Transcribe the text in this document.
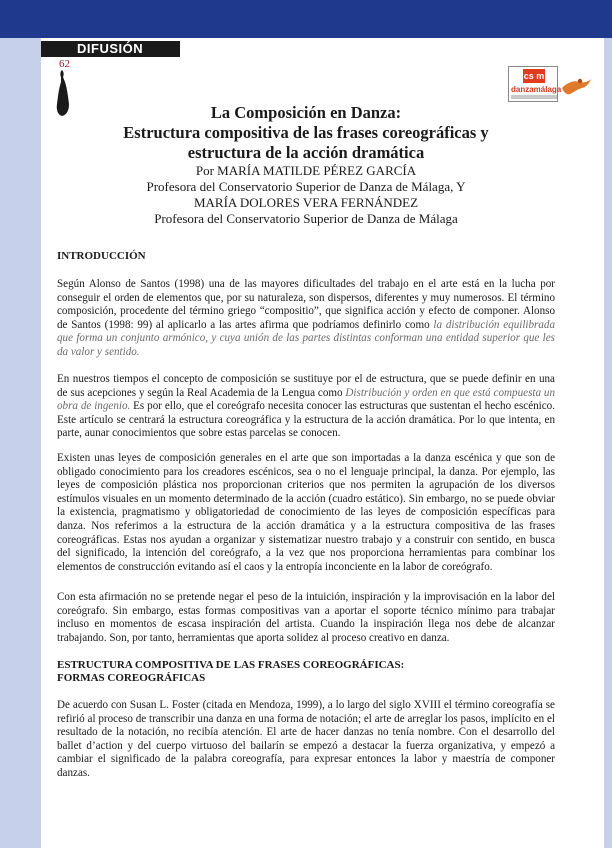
DIFUSIÓN
62
cs m
danzamálaga
La Composición en Danza:
Estructura compositiva de las frases coreográficas y
estructura de la acción dramática
Por MARÍA MATILDE PÉREZ GARCÍA
Profesora del Conservatorio Superior de Danza de Málaga, Y
MARÍA DOLORES VERA FERNÁNDEZ
Profesora del Conservatorio Superior de Danza de Málaga
INTRODUCCIÓN
Según Alonso de Santos (1998) una de las mayores dificultades del trabajo en el arte está en la lucha por conseguir el orden de elementos que, por su naturaleza, son dispersos, diferentes y muy numerosos. El término composición, procedente del término griego “compositio”, que significa acción y efecto de componer. Alonso de Santos (1998: 99) al aplicarlo a las artes afirma que podríamos definirlo como la distribución equilibrada que forma un conjunto armónico, y cuya unión de las partes distintas conforman una entidad superior que les da valor y sentido.
En nuestros tiempos el concepto de composición se sustituye por el de estructura, que se puede definir en una de sus acepciones y según la Real Academia de la Lengua como Distribución y orden en que está compuesta un obra de ingenio. Es por ello, que el coreógrafo necesita conocer las estructuras que sustentan el hecho escénico. Este artículo se centrará la estructura coreográfica y la estructura de la acción dramática. Por lo que intenta, en parte, aunar conocimientos que sobre estas parcelas se conocen.
Existen unas leyes de composición generales en el arte que son importadas a la danza escénica y que son de obligado conocimiento para los creadores escénicos, sea o no el lenguaje principal, la danza. Por ejemplo, las leyes de composición plástica nos proporcionan criterios que nos permiten la agrupación de los diversos estímulos visuales en un momento determinado de la acción (cuadro estático). Sin embargo, no se puede obviar la existencia, pragmatismo y obligatoriedad de conocimiento de las leyes de composición específicas para danza. Nos referimos a la estructura de la acción dramática y a la estructura compositiva de las frases coreográficas. Estas nos ayudan a organizar y sistematizar nuestro trabajo y a construir con sentido, en busca del significado, la intención del coreógrafo, a la vez que nos proporciona herramientas para combinar los elementos de construcción evitando así el caos y la entropía inconciente en la labor de coreógrafo.
Con esta afirmación no se pretende negar el peso de la intuición, inspiración y la improvisación en la labor del coreógrafo. Sin embargo, estas formas compositivas van a aportar el soporte técnico mínimo para trabajar incluso en momentos de escasa inspiración del artista. Cuando la inspiración llega nos debe de alcanzar trabajando. Son, por tanto, herramientas que aporta solidez al proceso creativo en danza.
ESTRUCTURA COMPOSITIVA DE LAS FRASES COREOGRÁFICAS:
FORMAS COREOGRÁFICAS
De acuerdo con Susan L. Foster (citada en Mendoza, 1999), a lo largo del siglo XVIII el término coreografía se refirió al proceso de transcribir una danza en una forma de notación; el arte de arreglar los pasos, implícito en el resultado de la notación, no recibía atención. El arte de hacer danzas no tenía nombre. Con el desarrollo del ballet d’action y del cuerpo virtuoso del bailarín se empezó a destacar la fuerza organizativa, y empezó a cambiar el significado de la palabra coreografía, para expresar entonces la labor y maestría de componer danzas.
